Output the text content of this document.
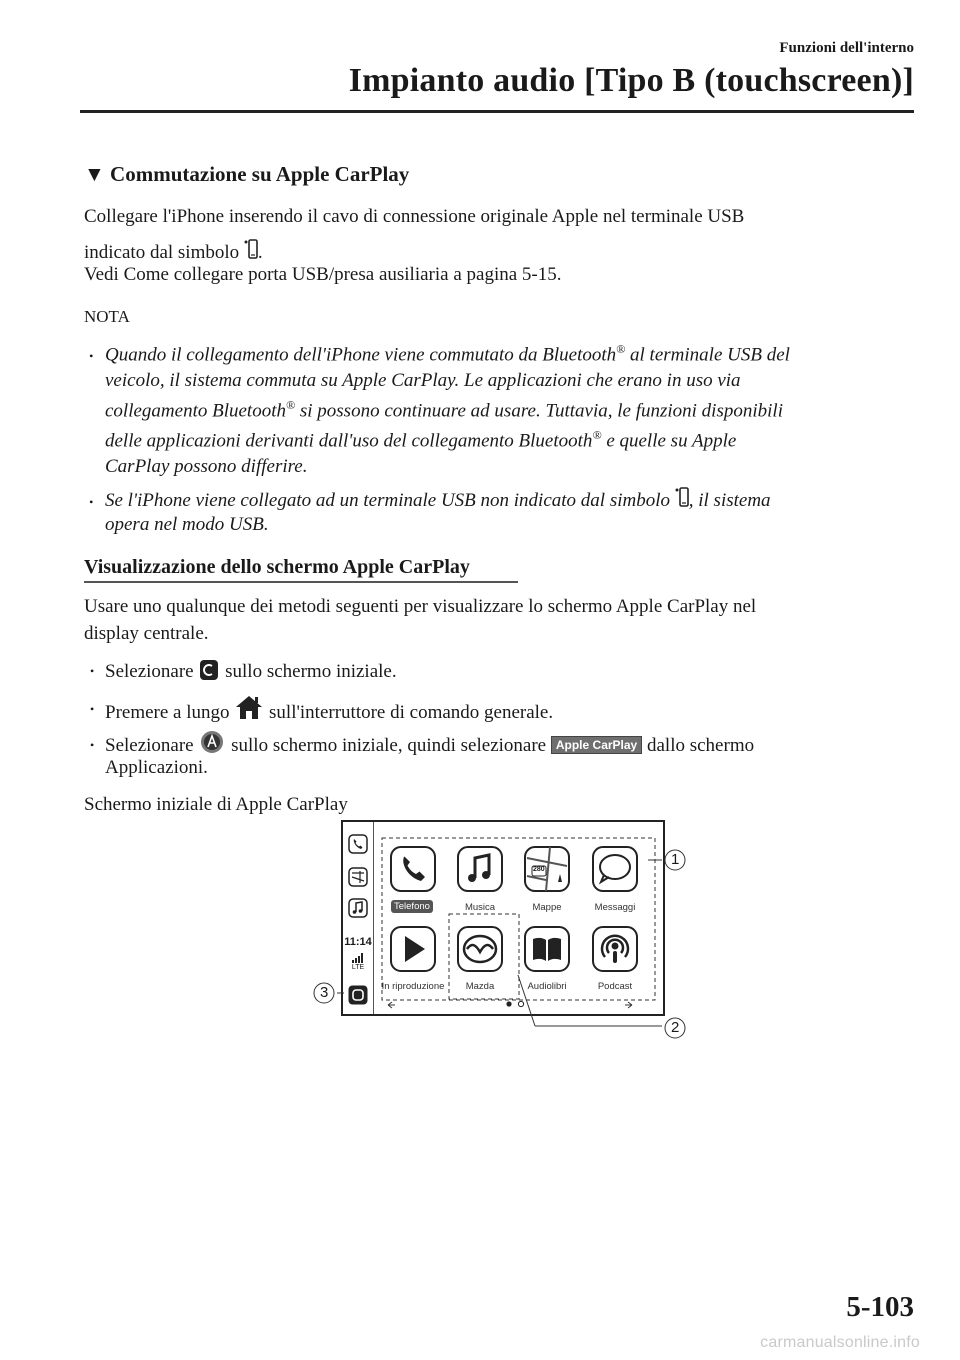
Funzioni dell'interno
Impianto audio [Tipo B (touchscreen)]
▼ Commutazione su Apple CarPlay
Collegare l'iPhone inserendo il cavo di connessione originale Apple nel terminale USB
indicato dal simbolo .
Vedi Come collegare porta USB/presa ausiliaria a pagina 5-15.
NOTA
• Quando il collegamento dell'iPhone viene commutato da Bluetooth® al terminale USB del
veicolo, il sistema commuta su Apple CarPlay. Le applicazioni che erano in uso via
collegamento Bluetooth® si possono continuare ad usare. Tuttavia, le funzioni disponibili
delle applicazioni derivanti dall'uso del collegamento Bluetooth® e quelle su Apple
CarPlay possono differire.
• Se l'iPhone viene collegato ad un terminale USB non indicato dal simbolo , il sistema
opera nel modo USB.
Visualizzazione dello schermo Apple CarPlay
Usare uno qualunque dei metodi seguenti per visualizzare lo schermo Apple CarPlay nel
display centrale.
• Selezionare  sullo schermo iniziale.
• Premere a lungo  sull'interruttore di comando generale.
• Selezionare  sullo schermo iniziale, quindi selezionare Apple CarPlay dallo schermo
Applicazioni.
Schermo iniziale di Apple CarPlay
11:14
LTE
280
Telefono	Musica	Mappe	Messaggi
In riproduzione	Mazda	Audiolibri	Podcast
1
2
3
5-103
carmanualsonline.info
